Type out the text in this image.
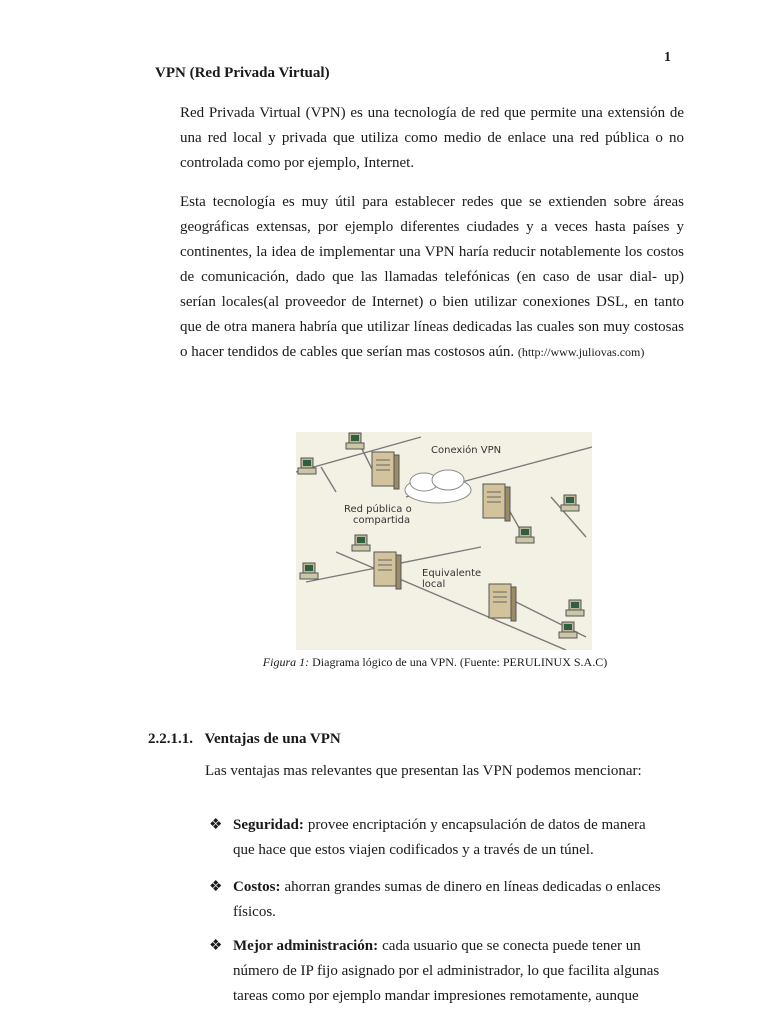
1
VPN (Red Privada Virtual)
Red Privada Virtual (VPN) es una tecnología de red que permite una extensión de una red local y privada que utiliza como medio de enlace una red pública o no controlada como por ejemplo, Internet.
Esta tecnología es muy útil para establecer redes que se extienden sobre áreas geográficas extensas, por ejemplo diferentes ciudades y a veces hasta países y continentes, la idea de implementar una VPN haría reducir notablemente los costos de comunicación, dado que las llamadas telefónicas (en caso de usar dial- up) serían locales(al proveedor de Internet) o bien utilizar conexiones DSL, en tanto que de otra manera habría que utilizar líneas dedicadas las cuales son muy costosas o hacer tendidos de cables que serían mas costosos aún. (http://www.juliovas.com)
Conexión VPN
Red pública o
compartida
Equivalente
local
Figura 1: Diagrama lógico de una VPN. (Fuente: PERULINUX S.A.C)
2.2.1.1. Ventajas de una VPN
Las ventajas mas relevantes que presentan las VPN podemos mencionar:
❖ Seguridad: provee encriptación y encapsulación de datos de manera
que hace que estos viajen codificados y a través de un túnel.
❖ Costos: ahorran grandes sumas de dinero en líneas dedicadas o enlaces
físicos.
❖ Mejor administración: cada usuario que se conecta puede tener un
número de IP fijo asignado por el administrador, lo que facilita algunas
tareas como por ejemplo mandar impresiones remotamente, aunque
